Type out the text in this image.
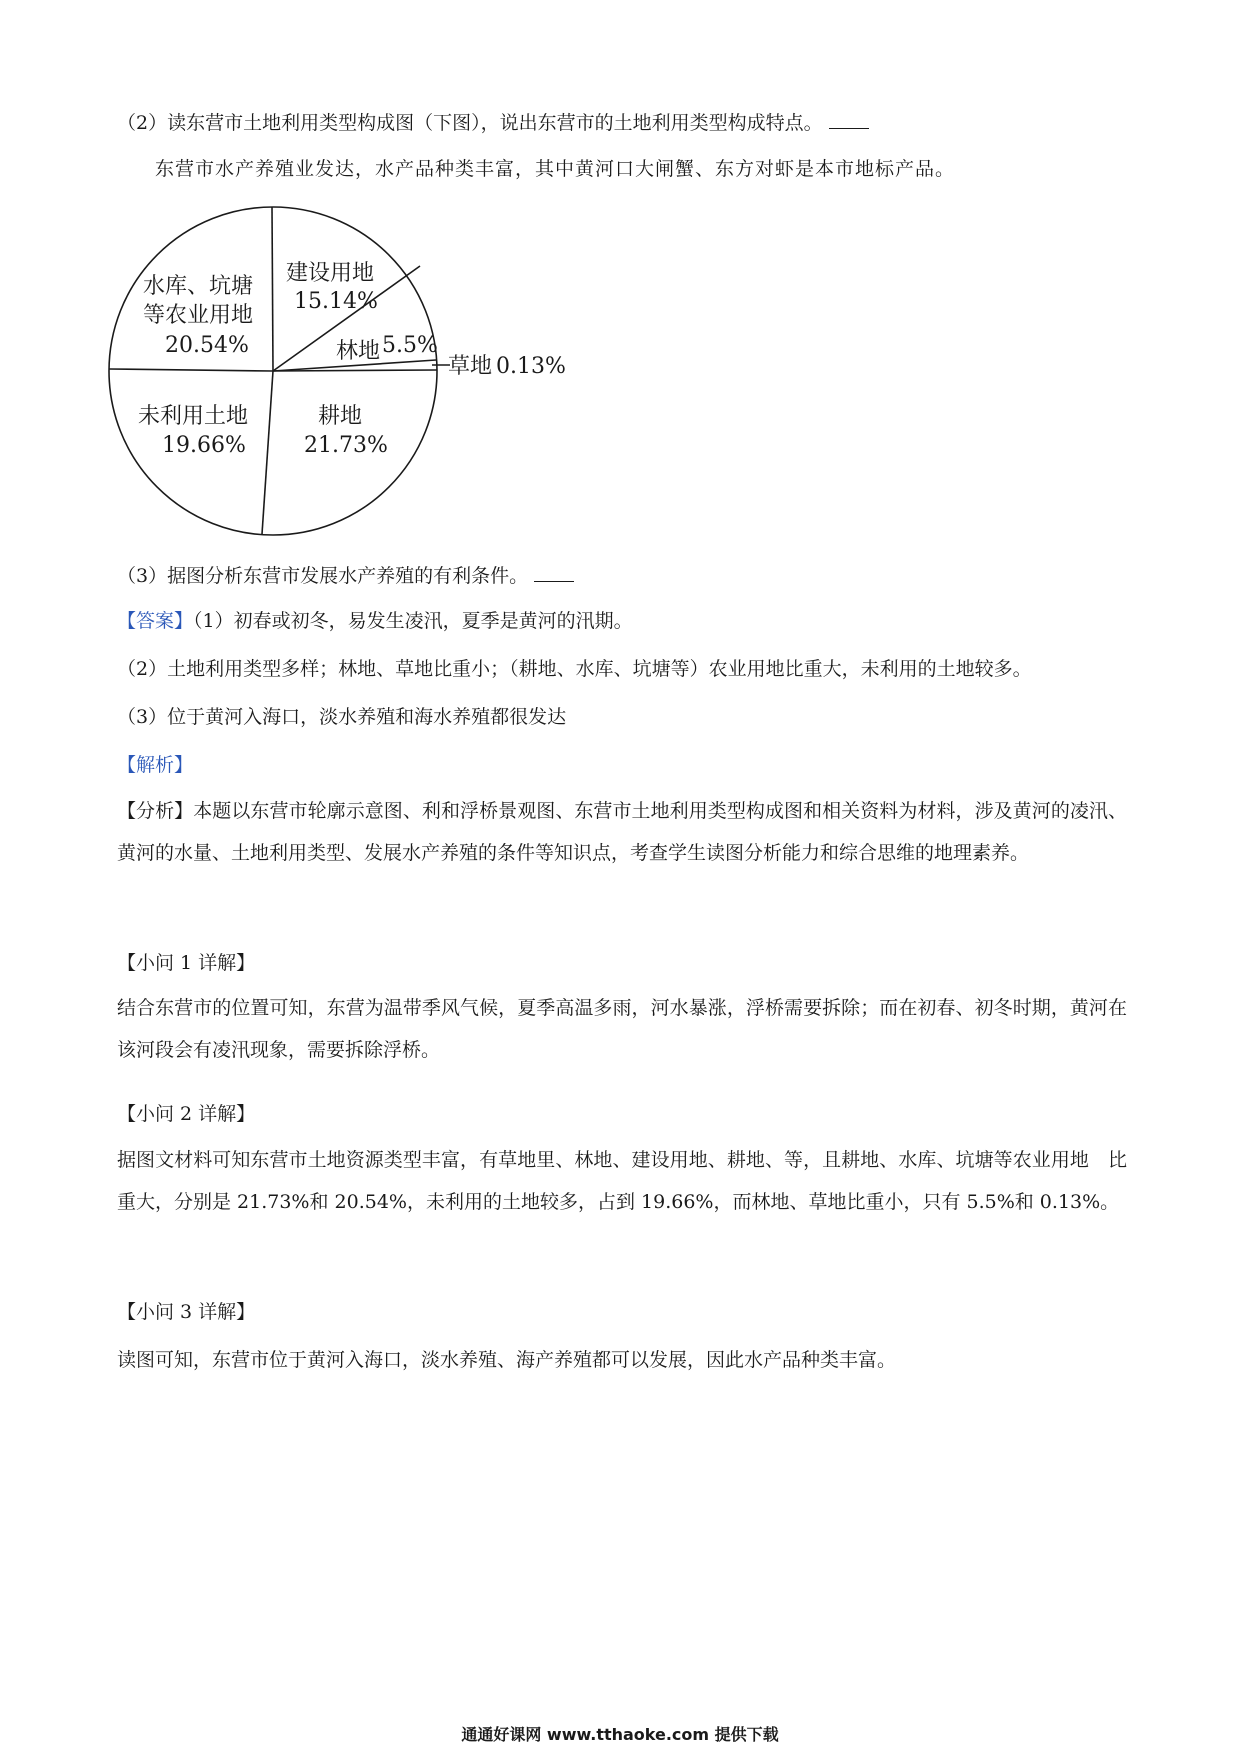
（2）读东营市土地利用类型构成图（下图），说出东营市的土地利用类型构成特点。
东营市水产养殖业发达，水产品种类丰富，其中黄河口大闸蟹、东方对虾是本市地标产品。
建设用地
15.14%
林地 5.5%
草地 0.13%
耕地
21.73%
未利用土地
19.66%
水库、坑塘
等农业用地
20.54%
（3）据图分析东营市发展水产养殖的有利条件。
【答案】（1）初春或初冬，易发生凌汛，夏季是黄河的汛期。
（2）土地利用类型多样；林地、草地比重小；（耕地、水库、坑塘等）农业用地比重大，未利用的土地较多。
（3）位于黄河入海口，淡水养殖和海水养殖都很发达
【解析】
【分析】本题以东营市轮廓示意图、利和浮桥景观图、东营市土地利用类型构成图和相关资料为材料，涉及黄河的凌汛、黄河的水量、土地利用类型、发展水产养殖的条件等知识点，考查学生读图分析能力和综合思维的地理素养。
【小问 1 详解】
结合东营市的位置可知，东营为温带季风气候，夏季高温多雨，河水暴涨，浮桥需要拆除；而在初春、初冬时期，黄河在该河段会有凌汛现象，需要拆除浮桥。
【小问 2 详解】
据图文材料可知东营市土地资源类型丰富，有草地里、林地、建设用地、耕地、等，且耕地、水库、坑塘等农业用地　比重大，分别是 21.73%和 20.54%，未利用的土地较多，占到 19.66%，而林地、草地比重小，只有 5.5%和 0.13%。
【小问 3 详解】
读图可知，东营市位于黄河入海口，淡水养殖、海产养殖都可以发展，因此水产品种类丰富。
通通好课网 www.tthaoke.com 提供下载
